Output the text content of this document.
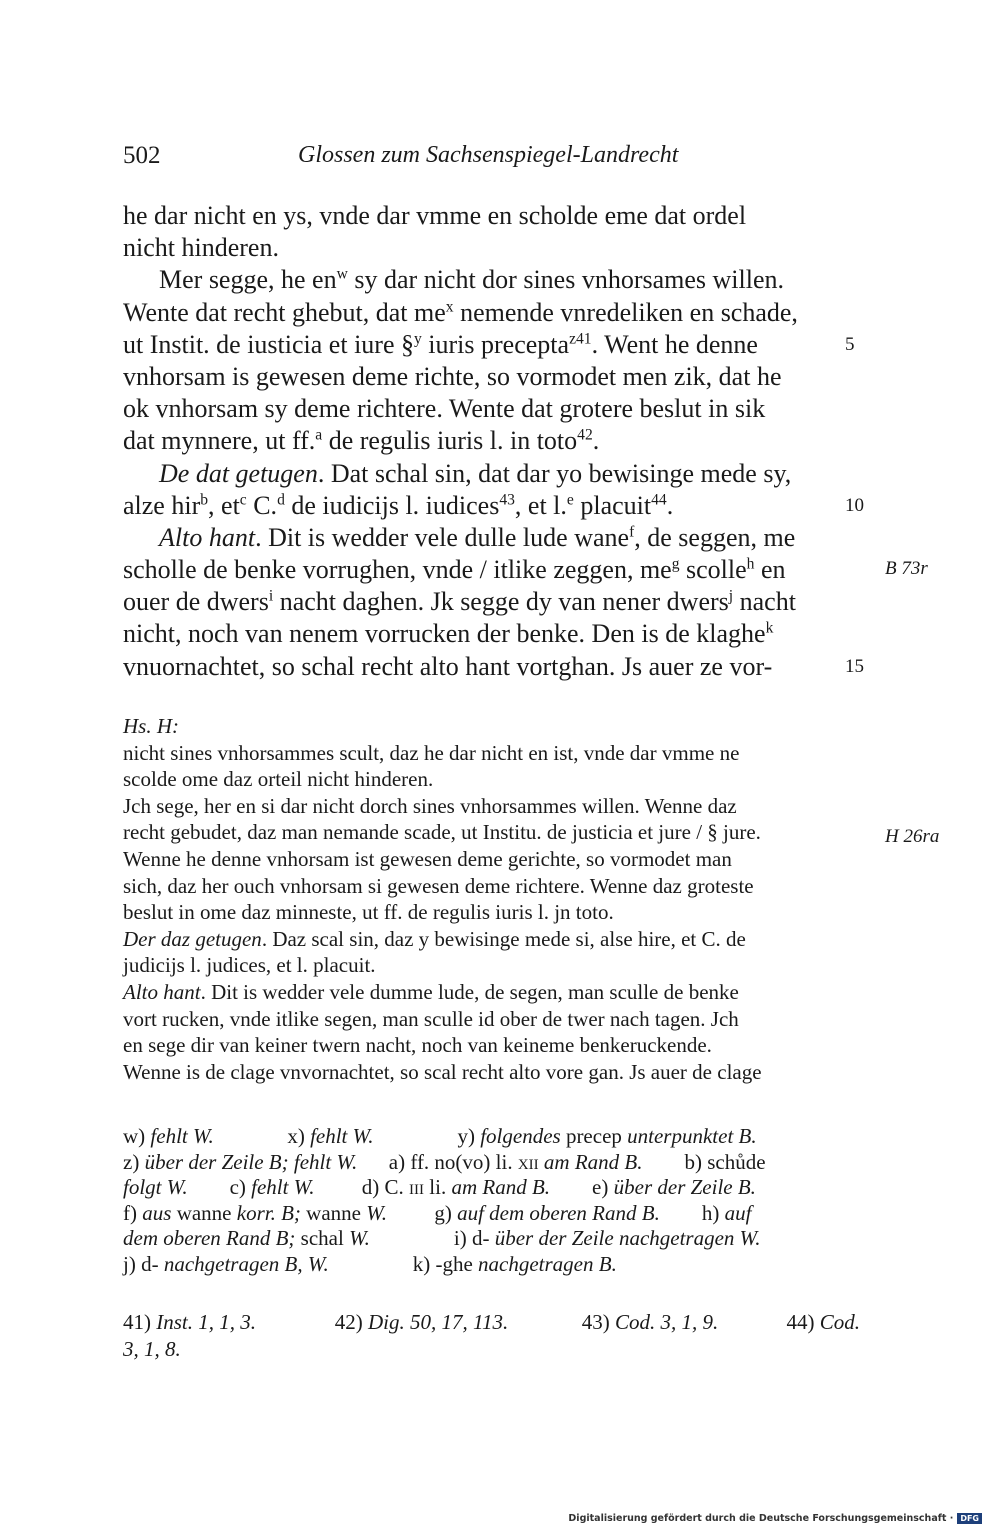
502	Glossen zum Sachsenspiegel-Landrecht
he dar nicht en ys, vnde dar vmme en scholde eme dat ordel
nicht hinderen.
Mer segge, he $en^w$ sy dar nicht dor sines vnhorsames willen.
Wente dat recht ghebut, dat $me^x$ nemende vnredeliken en schade,
ut Instit. de iusticia et iure §$^y$ iuris precepta$^{z41}$. Went he denne
vnhorsam is gewesen deme richte, so vormodet men zik, dat he
ok vnhorsam sy deme richtere. Wente dat grotere beslut in sik
dat mynnere, ut ff.$^a$ de regulis iuris l. in toto$^{42}$.
De dat getugen. Dat schal sin, dat dar yo bewisinge mede sy,
alze hir$^b$, $et^c$ C.$^d$ de iudicijs l. iudices$^{43}$, et l.$^e$ placuit$^{44}$.
Alto hant. Dit is wedder vele dulle lude wane$^f$, de seggen, me
scholle de benke vorrughen, vnde / itlike zeggen, $me^g$ scolle$^h$ en
ouer de dwers$^i$ nacht daghen. Jk segge dy van nener dwers$^j$ nacht
nicht, noch van nenem vorrucken der benke. Den is de klaghe$^k$
vnuornachtet, so schal recht alto hant vortghan. Js auer ze vor-
5
10
B 73r
15
H 26ra
Hs. H:
nicht sines vnhorsammes scult, daz he dar nicht en ist, vnde dar vmme ne
scolde ome daz orteil nicht hinderen.
Jch sege, her en si dar nicht dorch sines vnhorsammes willen. Wenne daz
recht gebudet, daz man nemande scade, ut Institu. de justicia et jure / § jure.
Wenne he denne vnhorsam ist gewesen deme gerichte, so vormodet man
sich, daz her ouch vnhorsam si gewesen deme richtere. Wenne daz groteste
beslut in ome daz minneste, ut ff. de regulis iuris l. jn toto.
Der daz getugen. Daz scal sin, daz y bewisinge mede si, alse hire, et C. de
judicijs l. judices, et l. placuit.
Alto hant. Dit is wedder vele dumme lude, de segen, man sculle de benke
vort rucken, vnde itlike segen, man sculle id ober de twer nach tagen. Jch
en sege dir van keiner twern nacht, noch van keineme benkeruckende.
Wenne is de clage vnvornachtet, so scal recht alto vore gan. Js auer de clage
w) fehlt W.              x) fehlt W.                y) folgendes precep unterpunktet B.
z) über der Zeile B; fehlt W.      a) ff. no(vo) li. xii am Rand B.        b) schůde
folgt W.        c) fehlt W.         d) C. iii li. am Rand B.        e) über der Zeile B.
f) aus wanne korr. B; wanne W.         g) auf dem oberen Rand B.        h) auf
dem oberen Rand B; schal W.                i) d- über der Zeile nachgetragen W.
j) d- nachgetragen B, W.                k) -ghe nachgetragen B.
41) Inst. 1, 1, 3.               42) Dig. 50, 17, 113.              43) Cod. 3, 1, 9.             44) Cod.
3, 1, 8.
Digitalisierung gefördert durch die Deutsche Forschungsgemeinschaft · DFG
